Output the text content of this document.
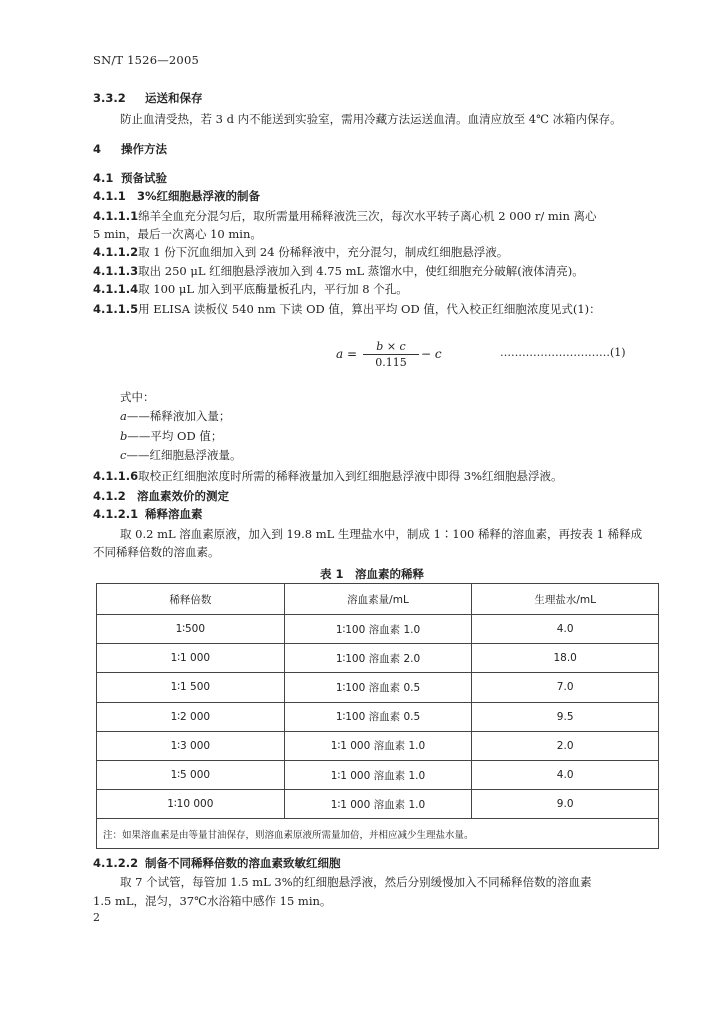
SN/T 1526—2005
3.3.2 运送和保存
防止血清受热，若 3 d 内不能送到实验室，需用冷藏方法运送血清。血清应放至 4℃ 冰箱内保存。
4 操作方法
4.1 预备试验
4.1.1 3%红细胞悬浮液的制备
4.1.1.1绵羊全血充分混匀后，取所需量用稀释液洗三次，每次水平转子离心机 2 000 r/ min 离心
5 min，最后一次离心 10 min。
4.1.1.2取 1 份下沉血细加入到 24 份稀释液中，充分混匀，制成红细胞悬浮液。
4.1.1.3取出 250 μL 红细胞悬浮液加入到 4.75 mL 蒸馏水中，使红细胞充分破解(液体清亮)。
4.1.1.4取 100 μL 加入到平底酶量板孔内，平行加 8 个孔。
4.1.1.5用 ELISA 读板仪 540 nm 下读 OD 值，算出平均 OD 值，代入校正红细胞浓度见式(1)：
a =
b × c
0.115
− c	…………………………(1)
式中：
a——稀释液加入量；
b——平均 OD 值；
c——红细胞悬浮液量。
4.1.1.6取校正红细胞浓度时所需的稀释液量加入到红细胞悬浮液中即得 3%红细胞悬浮液。
4.1.2 溶血素效价的测定
4.1.2.1 稀释溶血素
取 0.2 mL 溶血素原液，加入到 19.8 mL 生理盐水中，制成 1∶100 稀释的溶血素，再按表 1 稀释成
不同稀释倍数的溶血素。
表 1　溶血素的稀释
稀释倍数	溶血素量/mL	生理盐水/mL
1∶500	1∶100 溶血素 1.0	4.0
1∶1 000	1∶100 溶血素 2.0	18.0
1∶1 500	1∶100 溶血素 0.5	7.0
1∶2 000	1∶100 溶血素 0.5	9.5
1∶3 000	1∶1 000 溶血素 1.0	2.0
1∶5 000	1∶1 000 溶血素 1.0	4.0
1∶10 000	1∶1 000 溶血素 1.0	9.0
注：如果溶血素是由等量甘油保存，则溶血素原液所需量加倍，并相应减少生理盐水量。		
4.1.2.2 制备不同稀释倍数的溶血素致敏红细胞
取 7 个试管，每管加 1.5 mL 3%的红细胞悬浮液，然后分别缓慢加入不同稀释倍数的溶血素
1.5 mL，混匀，37℃水浴箱中感作 15 min。
2
